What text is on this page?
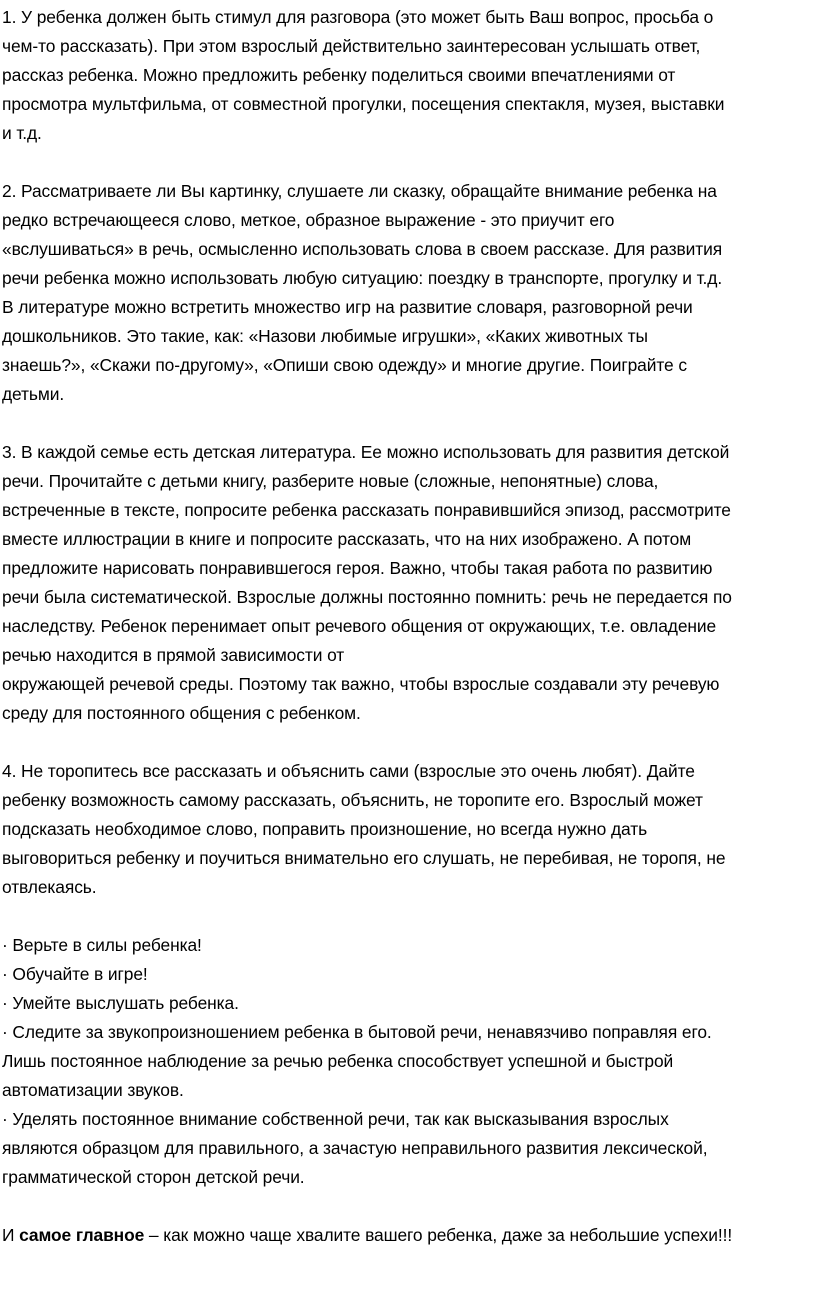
1. У ребенка должен быть стимул для разговора (это может быть Ваш вопрос, просьба о
чем-то рассказать). При этом взрослый действительно заинтересован услышать ответ,
рассказ ребенка. Можно предложить ребенку поделиться своими впечатлениями от
просмотра мультфильма, от совместной прогулки, посещения спектакля, музея, выставки
и т.д.
2. Рассматриваете ли Вы картинку, слушаете ли сказку, обращайте внимание ребенка на
редко встречающееся слово, меткое, образное выражение - это приучит его
«вслушиваться» в речь, осмысленно использовать слова в своем рассказе. Для развития
речи ребенка можно использовать любую ситуацию: поездку в транспорте, прогулку и т.д.
В литературе можно встретить множество игр на развитие словаря, разговорной речи
дошкольников. Это такие, как: «Назови любимые игрушки», «Каких животных ты
знаешь?», «Скажи по-другому», «Опиши свою одежду» и многие другие. Поиграйте с
детьми.
3. В каждой семье есть детская литература. Ее можно использовать для развития детской
речи. Прочитайте с детьми книгу, разберите новые (сложные, непонятные) слова,
встреченные в тексте, попросите ребенка рассказать понравившийся эпизод, рассмотрите
вместе иллюстрации в книге и попросите рассказать, что на них изображено. А потом
предложите нарисовать понравившегося героя. Важно, чтобы такая работа по развитию
речи была систематической. Взрослые должны постоянно помнить: речь не передается по
наследству. Ребенок перенимает опыт речевого общения от окружающих, т.е. овладение
речью находится в прямой зависимости от
окружающей речевой среды. Поэтому так важно, чтобы взрослые создавали эту речевую
среду для постоянного общения с ребенком.
4. Не торопитесь все рассказать и объяснить сами (взрослые это очень любят). Дайте
ребенку возможность самому рассказать, объяснить, не торопите его. Взрослый может
подсказать необходимое слово, поправить произношение, но всегда нужно дать
выговориться ребенку и поучиться внимательно его слушать, не перебивая, не торопя, не
отвлекаясь.
· Верьте в силы ребенка!
· Обучайте в игре!
· Умейте выслушать ребенка.
· Следите за звукопроизношением ребенка в бытовой речи, ненавязчиво поправляя его.
Лишь постоянное наблюдение за речью ребенка способствует успешной и быстрой
автоматизации звуков.
· Уделять постоянное внимание собственной речи, так как высказывания взрослых
являются образцом для правильного, а зачастую неправильного развития лексической,
грамматической сторон детской речи.
И самое главное – как можно чаще хвалите вашего ребенка, даже за небольшие успехи!!!
